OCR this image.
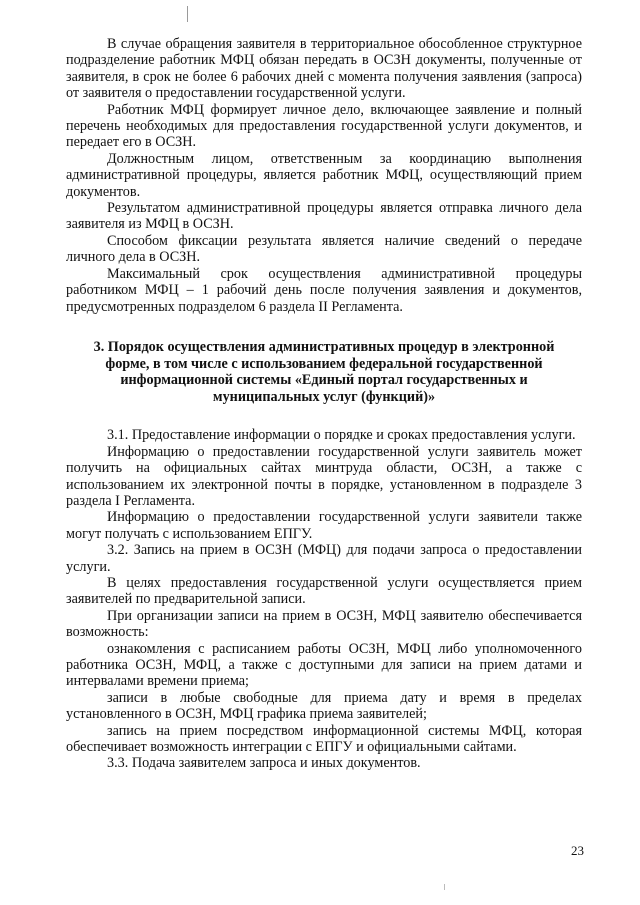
В случае обращения заявителя в территориальное обособленное структурное подразделение работник МФЦ обязан передать в ОСЗН документы, полученные от заявителя, в срок не более 6 рабочих дней с момента получения заявления (запроса) от заявителя о предоставлении государственной услуги.

Работник МФЦ формирует личное дело, включающее заявление и полный перечень необходимых для предоставления государственной услуги документов, и передает его в ОСЗН.

Должностным лицом, ответственным за координацию выполнения административной процедуры, является работник МФЦ, осуществляющий прием документов.

Результатом административной процедуры является отправка личного дела заявителя из МФЦ в ОСЗН.

Способом фиксации результата является наличие сведений о передаче личного дела в ОСЗН.

Максимальный срок осуществления административной процедуры работником МФЦ – 1 рабочий день после получения заявления и документов, предусмотренных подразделом 6 раздела II Регламента.

3. Порядок осуществления административных процедур в электронной форме, в том числе с использованием федеральной государственной информационной системы «Единый портал государственных и муниципальных услуг (функций)»

3.1. Предоставление информации о порядке и сроках предоставления услуги.

Информацию о предоставлении государственной услуги заявитель может получить на официальных сайтах минтруда области, ОСЗН, а также с использованием их электронной почты в порядке, установленном в подразделе 3 раздела I Регламента.

Информацию о предоставлении государственной услуги заявители также могут получать с использованием ЕПГУ.

3.2. Запись на прием в ОСЗН (МФЦ) для подачи запроса о предоставлении услуги.

В целях предоставления государственной услуги осуществляется прием заявителей по предварительной записи.

При организации записи на прием в ОСЗН, МФЦ заявителю обеспечивается возможность:

ознакомления с расписанием работы ОСЗН, МФЦ либо уполномоченного работника ОСЗН, МФЦ, а также с доступными для записи на прием датами и интервалами времени приема;

записи в любые свободные для приема дату и время в пределах установленного в ОСЗН, МФЦ графика приема заявителей;

запись на прием посредством информационной системы МФЦ, которая обеспечивает возможность интеграции с ЕПГУ и официальными сайтами.

3.3. Подача заявителем запроса и иных документов.

23
